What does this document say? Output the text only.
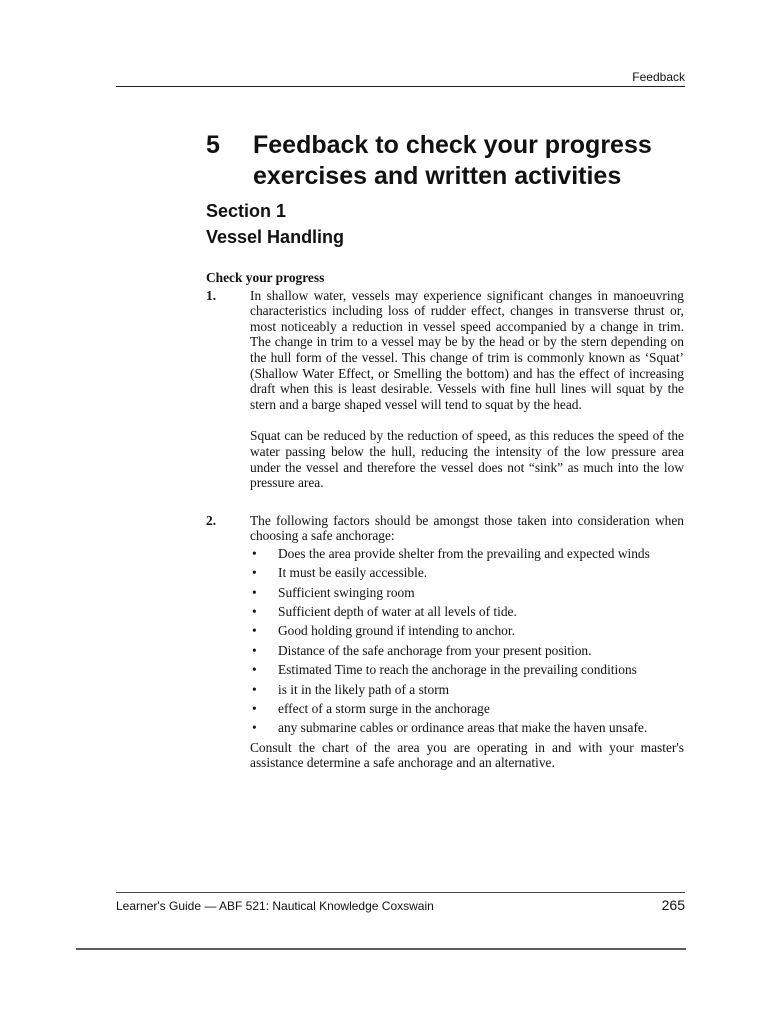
Feedback
5 Feedback to check your progress exercises and written activities
Section 1
Vessel Handling

Check your progress

1.	In shallow water, vessels may experience significant changes in manoeuvring characteristics including loss of rudder effect, changes in transverse thrust or, most noticeably a reduction in vessel speed accompanied by a change in trim. The change in trim to a vessel may be by the head or by the stern depending on the hull form of the vessel. This change of trim is commonly known as ‘Squat’ (Shallow Water Effect, or Smelling the bottom) and has the effect of increasing draft when this is least desirable. Vessels with fine hull lines will squat by the stern and a barge shaped vessel will tend to squat by the head.

Squat can be reduced by the reduction of speed, as this reduces the speed of the water passing below the hull, reducing the intensity of the low pressure area under the vessel and therefore the vessel does not “sink” as much into the low pressure area.

2.	The following factors should be amongst those taken into consideration when choosing a safe anchorage:

• Does the area provide shelter from the prevailing and expected winds
• It must be easily accessible.
• Sufficient swinging room
• Sufficient depth of water at all levels of tide.
• Good holding ground if intending to anchor.
• Distance of the safe anchorage from your present position.
• Estimated Time to reach the anchorage in the prevailing conditions
• is it in the likely path of a storm
• effect of a storm surge in the anchorage
• any submarine cables or ordinance areas that make the haven unsafe.

Consult the chart of the area you are operating in and with your master's assistance determine a safe anchorage and an alternative.

Learner's Guide — ABF 521: Nautical Knowledge Coxswain	265
